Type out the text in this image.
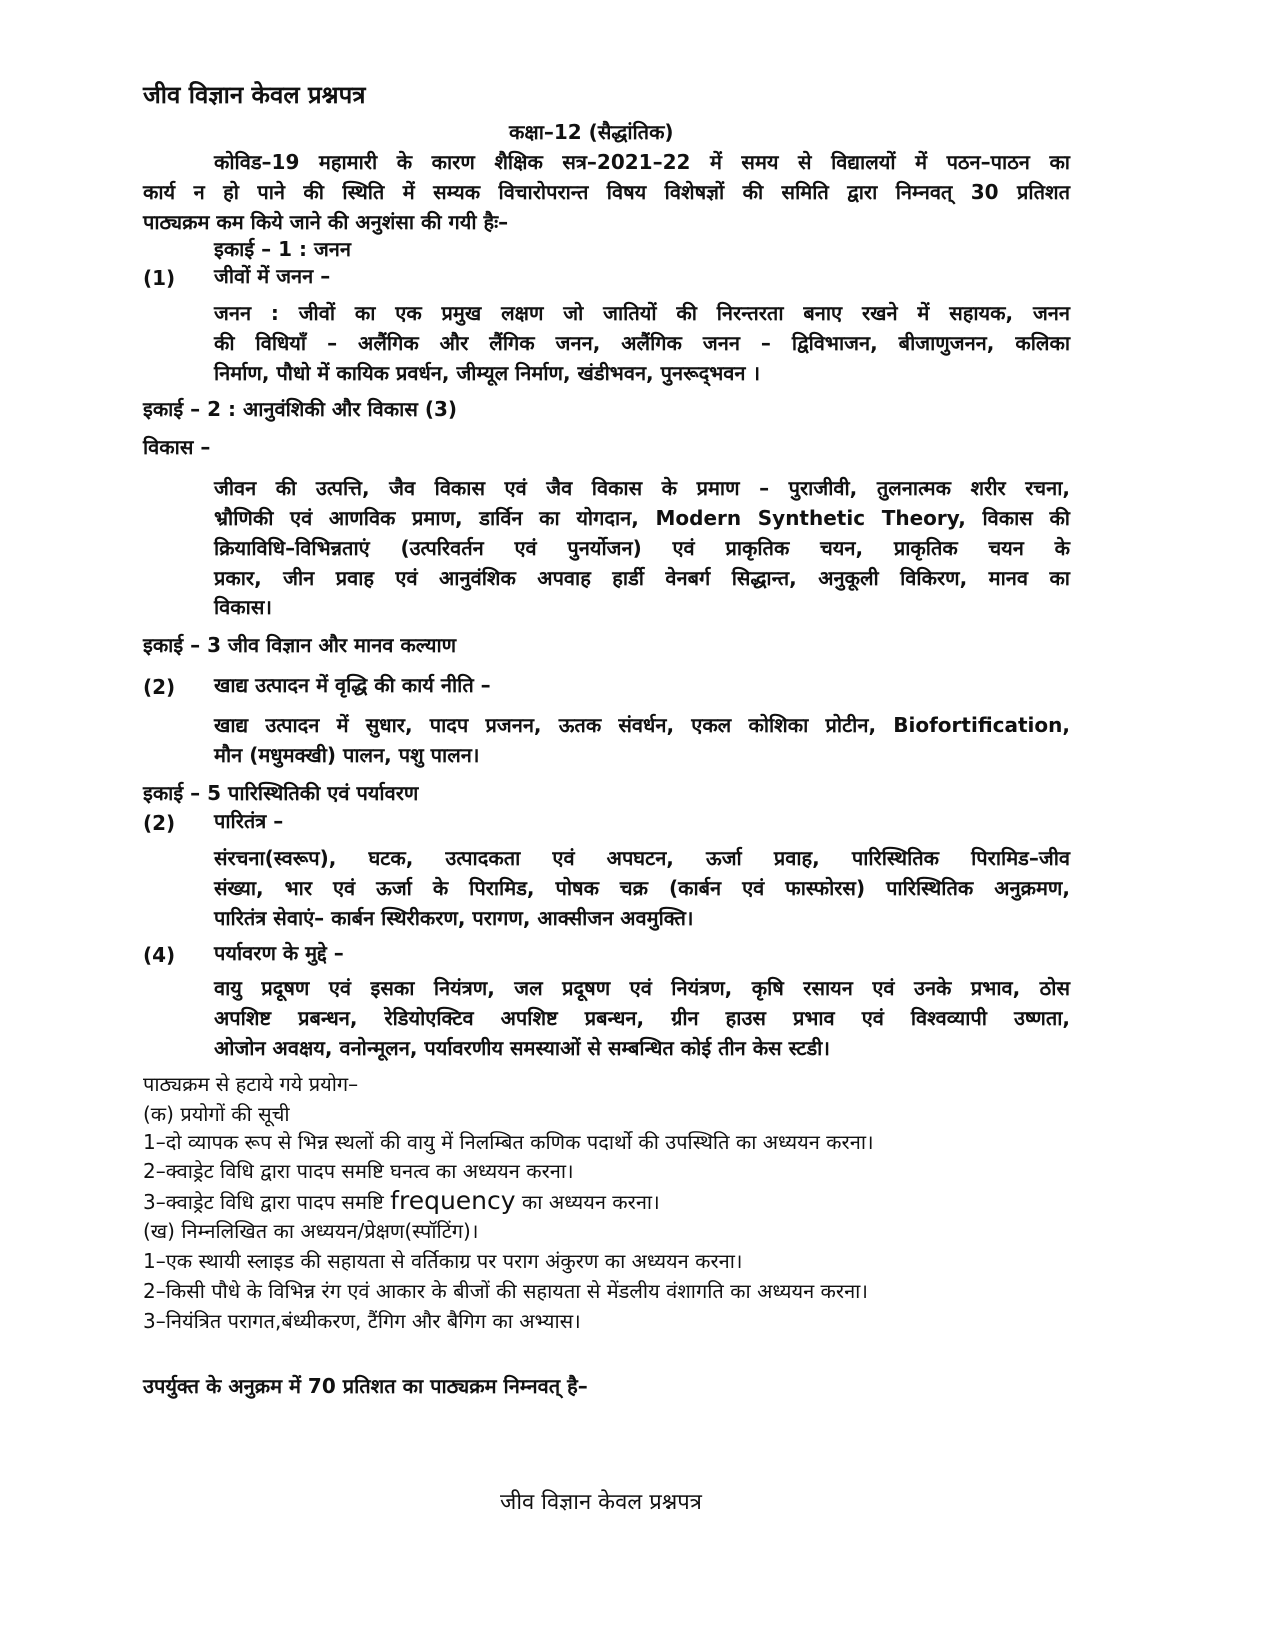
जीव विज्ञान केवल प्रश्नपत्र
कक्षा–12 (सैद्धांतिक)
कोविड–19 महामारी के कारण शैक्षिक सत्र–2021–22 में समय से विद्यालयों में पठन–पाठन का
कार्य न हो पाने की स्थिति में सम्यक विचारोपरान्त विषय विशेषज्ञों की समिति द्वारा निम्नवत् 30 प्रतिशत
पाठ्यक्रम कम किये जाने की अनुशंसा की गयी हैः–
इकाई – 1 : जनन
(1) जीवों में जनन –
जनन : जीवों का एक प्रमुख लक्षण जो जातियों की निरन्तरता बनाए रखने में सहायक, जनन
की विधियाँ – अलैंगिक और लैंगिक जनन, अलैंगिक जनन – द्विविभाजन, बीजाणुजनन, कलिका
निर्माण, पौधो में कायिक प्रवर्धन, जीम्यूल निर्माण, खंडीभवन, पुनरूद्‍भवन ।
इकाई – 2 : आनुवंशिकी और विकास (3)
विकास –
जीवन की उत्पत्ति, जैव विकास एवं जैव विकास के प्रमाण – पुराजीवी, तुलनात्मक शरीर रचना,
भ्रौणिकी एवं आणविक प्रमाण, डार्विन का योगदान, Modern Synthetic Theory, विकास की
क्रियाविधि–विभिन्नताएं (उत्परिवर्तन एवं पुनर्योजन) एवं प्राकृतिक चयन, प्राकृतिक चयन के
प्रकार, जीन प्रवाह एवं आनुवंशिक अपवाह हार्डी वेनबर्ग सिद्धान्त, अनुकूली विकिरण, मानव का
विकास।
इकाई – 3 जीव विज्ञान और मानव कल्याण
(2) खाद्य उत्पादन में वृद्धि की कार्य नीति –
खाद्य उत्पादन में सुधार, पादप प्रजनन, ऊतक संवर्धन, एकल कोशिका प्रोटीन, Biofortification,
मौन (मधुमक्खी) पालन, पशु पालन।
इकाई – 5 पारिस्थितिकी एवं पर्यावरण
(2) पारितंत्र –
संरचना(स्वरूप), घटक, उत्पादकता एवं अपघटन, ऊर्जा प्रवाह, पारिस्थितिक पिरामिड–जीव
संख्या, भार एवं ऊर्जा के पिरामिड, पोषक चक्र (कार्बन एवं फास्फोरस) पारिस्थितिक अनुक्रमण,
पारितंत्र सेवाएं– कार्बन स्थिरीकरण, परागण, आक्सीजन अवमुक्ति।
(4) पर्यावरण के मुद्दे –
वायु प्रदूषण एवं इसका नियंत्रण, जल प्रदूषण एवं नियंत्रण, कृषि रसायन एवं उनके प्रभाव, ठोस
अपशिष्ट प्रबन्धन, रेडियोएक्टिव अपशिष्ट प्रबन्धन, ग्रीन हाउस प्रभाव एवं विश्वव्यापी उष्णता,
ओजोन अवक्षय, वनोन्मूलन, पर्यावरणीय समस्याओं से सम्बन्धित कोई तीन केस स्टडी।
पाठ्यक्रम से हटाये गये प्रयोग–
(क) प्रयोगों की सूची
1–दो व्यापक रूप से भिन्न स्थलों की वायु में निलम्बित कणिक पदार्थो की उपस्थिति का अध्ययन करना।
2–क्वाड्रेट विधि द्वारा पादप समष्टि घनत्व का अध्ययन करना।
3–क्वाड्रेट विधि द्वारा पादप समष्टि frequency का अध्ययन करना।
(ख) निम्नलिखित का अध्ययन/प्रेक्षण(स्पॉटिंग)।
1–एक स्थायी स्लाइड की सहायता से वर्तिकाग्र पर पराग अंकुरण का अध्ययन करना।
2–किसी पौधे के विभिन्न रंग एवं आकार के बीजों की सहायता से मेंडलीय वंशागति का अध्ययन करना।
3–नियंत्रित परागत,बंध्यीकरण, टैंगिग और बैगिग का अभ्यास।
उपर्युक्त के अनुक्रम में 70 प्रतिशत का पाठ्यक्रम निम्नवत् है–
जीव विज्ञान केवल प्रश्नपत्र
